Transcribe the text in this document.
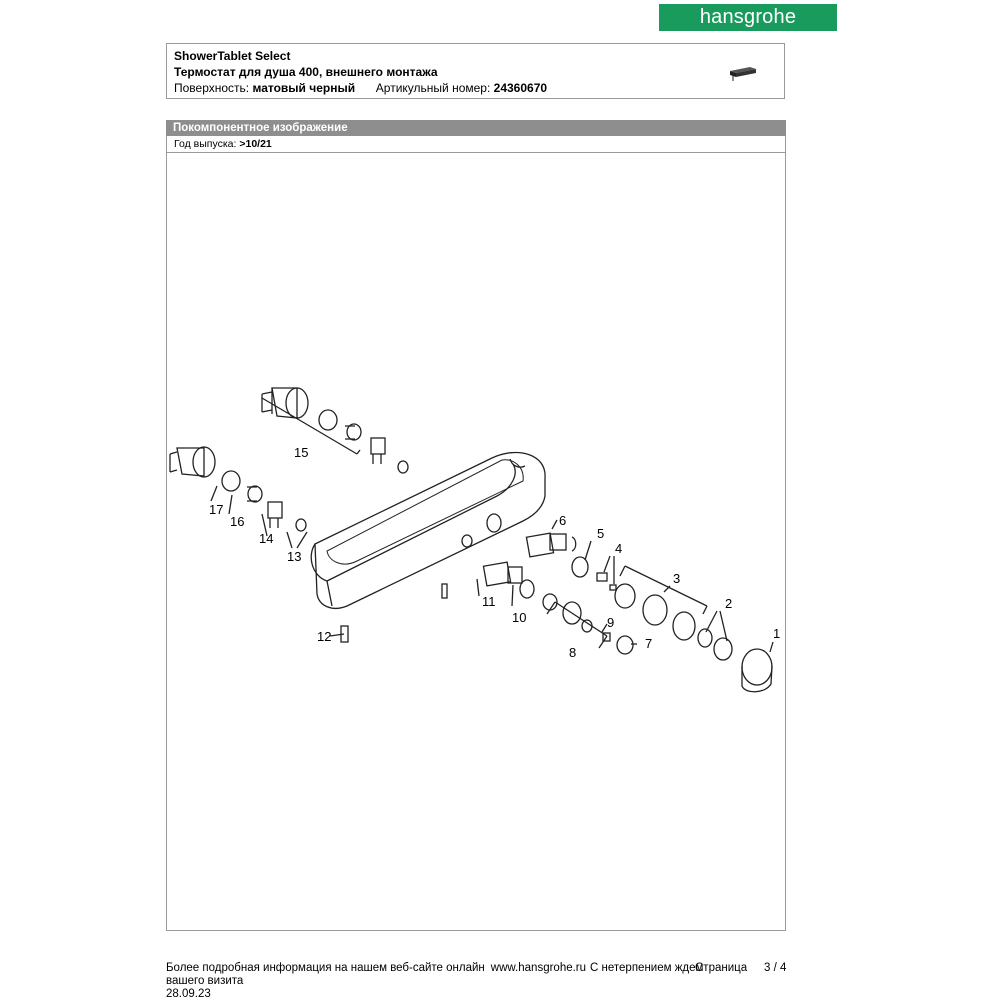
hansgrohe
ShowerTablet Select
Термостат для душа 400, внешнего монтажа
Поверхность: матовый черный Артикульный номер: 24360670
Покомпонентное изображение
Год выпуска: >10/21
1
2
3
4
5
6
7
8
9
10
11
12
13
14
15
16
17
Более подробная информация на нашем веб-сайте онлайн www.hansgrohe.ru С нетерпением ждем
Страница 3 / 4
вашего визита
28.09.23
